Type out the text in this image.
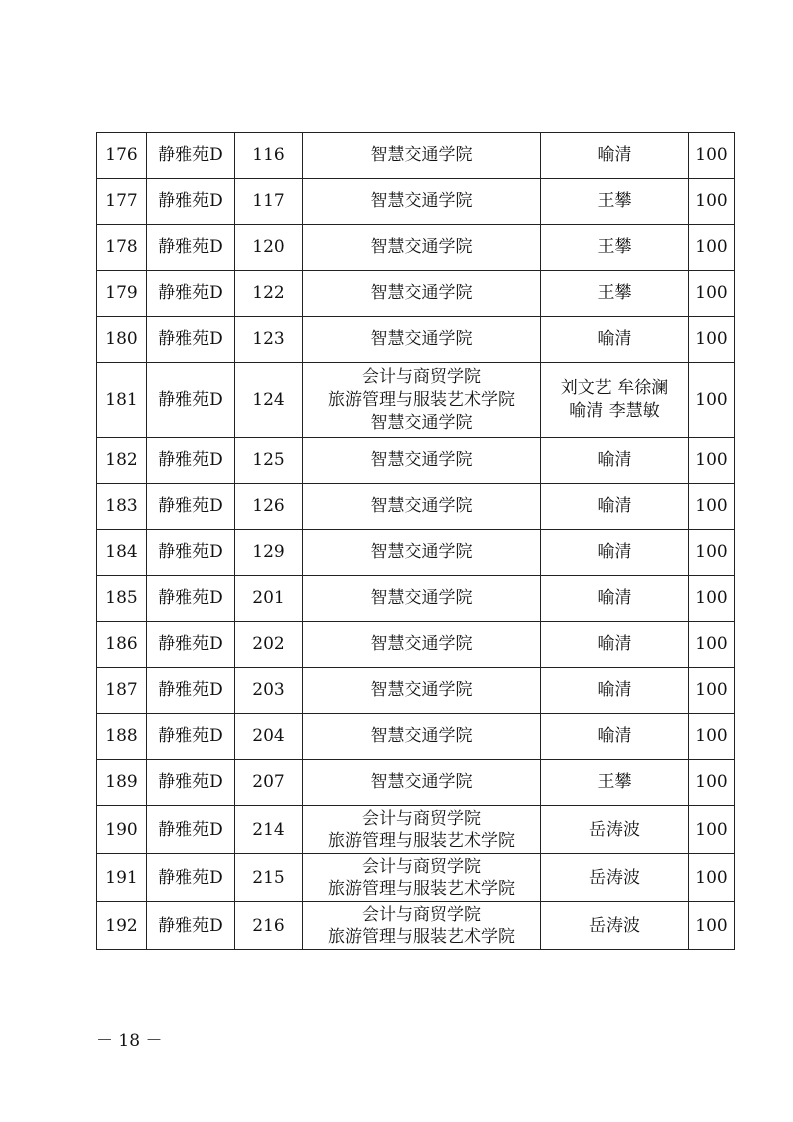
176	静雅苑D	116	智慧交通学院	喻清	100
177	静雅苑D	117	智慧交通学院	王攀	100
178	静雅苑D	120	智慧交通学院	王攀	100
179	静雅苑D	122	智慧交通学院	王攀	100
180	静雅苑D	123	智慧交通学院	喻清	100
181	静雅苑D	124	会计与商贸学院
旅游管理与服装艺术学院
智慧交通学院	刘文艺 牟徐澜
喻清 李慧敏	100
182	静雅苑D	125	智慧交通学院	喻清	100
183	静雅苑D	126	智慧交通学院	喻清	100
184	静雅苑D	129	智慧交通学院	喻清	100
185	静雅苑D	201	智慧交通学院	喻清	100
186	静雅苑D	202	智慧交通学院	喻清	100
187	静雅苑D	203	智慧交通学院	喻清	100
188	静雅苑D	204	智慧交通学院	喻清	100
189	静雅苑D	207	智慧交通学院	王攀	100
190	静雅苑D	214	会计与商贸学院
旅游管理与服装艺术学院	岳涛波	100
191	静雅苑D	215	会计与商贸学院
旅游管理与服装艺术学院	岳涛波	100
192	静雅苑D	216	会计与商贸学院
旅游管理与服装艺术学院	岳涛波	100
－ 18 －
